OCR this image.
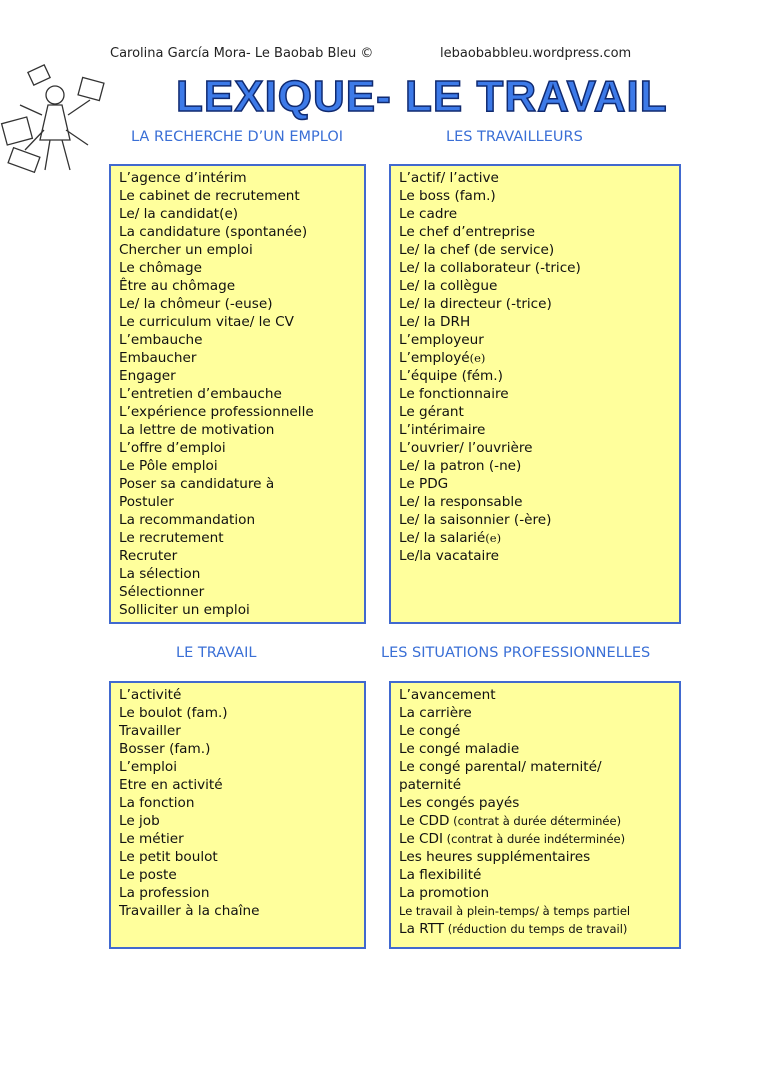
Carolina García Mora- Le Baobab Bleu ©	lebaobabbleu.wordpress.com
LEXIQUE- LE TRAVAIL
LA RECHERCHE D’UN EMPLOI	LES TRAVAILLEURS
LE TRAVAIL	LES SITUATIONS PROFESSIONNELLES
L’agence d’intérim
Le cabinet de recrutement
Le/ la candidat(e)
La candidature (spontanée)
Chercher un emploi
Le chômage
Être au chômage
Le/ la chômeur (-euse)
Le curriculum vitae/ le CV
L’embauche
Embaucher
Engager
L’entretien d’embauche
L’expérience professionnelle
La lettre de motivation
L’offre d’emploi
Le Pôle emploi
Poser sa candidature à
Postuler
La recommandation
Le recrutement
Recruter
La sélection
Sélectionner
Solliciter un emploi
L’actif/ l’active
Le boss (fam.)
Le cadre
Le chef d’entreprise
Le/ la chef (de service)
Le/ la collaborateur (-trice)
Le/ la collègue
Le/ la directeur (-trice)
Le/ la DRH
L’employeur
L’employé(e)
L’équipe (fém.)
Le fonctionnaire
Le gérant
L’intérimaire
L’ouvrier/ l’ouvrière
Le/ la patron (-ne)
Le PDG
Le/ la responsable
Le/ la saisonnier (-ère)
Le/ la salarié(e)
Le/la vacataire
L’activité
Le boulot (fam.)
Travailler
Bosser (fam.)
L’emploi
Etre en activité
La fonction
Le job
Le métier
Le petit boulot
Le poste
La profession
Travailler à la chaîne
L’avancement
La carrière
Le congé
Le congé maladie
Le congé parental/ maternité/
paternité
Les congés payés
Le CDD (contrat à durée déterminée)
Le CDI (contrat à durée indéterminée)
Les heures supplémentaires
La flexibilité
La promotion
Le travail à plein-temps/ à temps partiel
La RTT (réduction du temps de travail)
